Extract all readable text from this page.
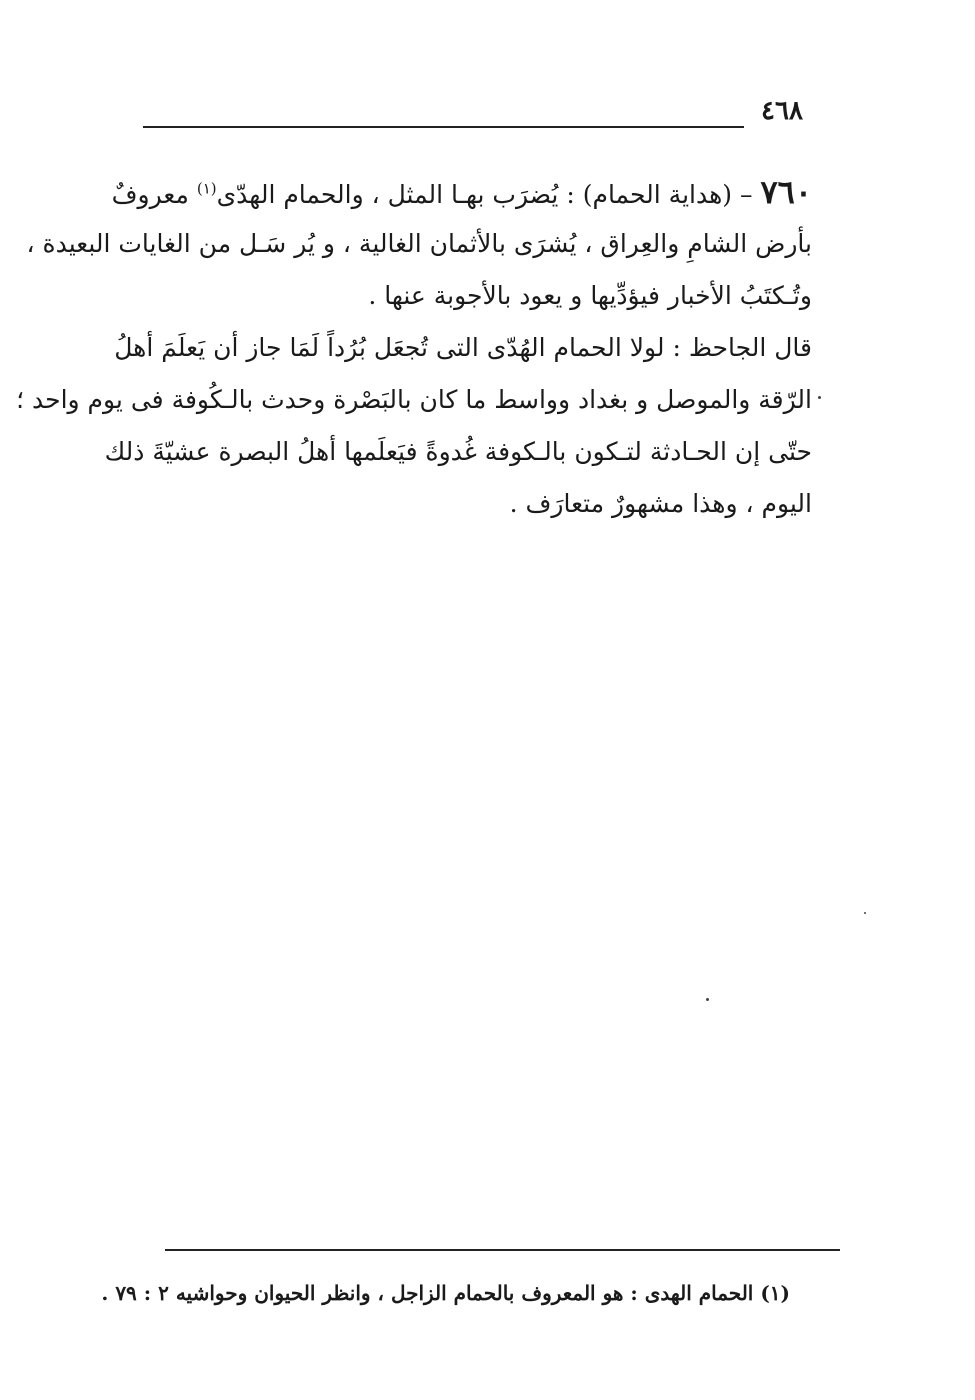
٤٦٨
٧٦٠ – (هداية الحمام) : يُضرَب بهـا المثل ، والحمام الهدّى$^{(١)}$ معروفٌ
بأرض الشامِ والعِراق ، يُشرَى بالأثمان الغالية ، و يُر سَـل من الغايات البعيدة ،
وتُـكتَبُ الأخبار فيؤدِّيها و يعود بالأجوبة عنها .
قال الجاحظ : لولا الحمام الهُدّى التى تُجعَل بُرُداً لَمَا جاز أن يَعلَمَ أهلُ
الرّقة والموصل و بغداد وواسط ما كان بالبَصْرة وحدث بالـكُوفة فى يوم واحد ؛
حتّى إن الحـادثة لتـكون بالـكوفة غُدوةً فيَعلَمها أهلُ البصرة عشيّةَ ذلك
اليوم ، وهذا مشهورٌ متعارَف .
(١) الحمام الهدى : هو المعروف بالحمام الزاجل ، وانظر الحيوان وحواشيه ٢ : ٧٩ .
